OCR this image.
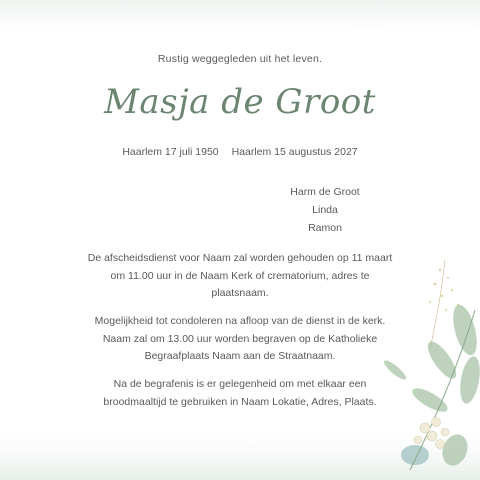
Rustig weggegleden uit het leven.
Masja de Groot
Haarlem 17 juli 1950 Haarlem 15 augustus 2027
Harm de Groot
Linda
Ramon
De afscheidsdienst voor Naam zal worden gehouden op 11 maart
om 11.00 uur in de Naam Kerk of crematorium, adres te
plaatsnaam.
Mogelijkheid tot condoleren na afloop van de dienst in de kerk.
Naam zal om 13.00 uur worden begraven op de Katholieke
Begraafplaats Naam aan de Straatnaam.
Na de begrafenis is er gelegenheid om met elkaar een
broodmaaltijd te gebruiken in Naam Lokatie, Adres, Plaats.
